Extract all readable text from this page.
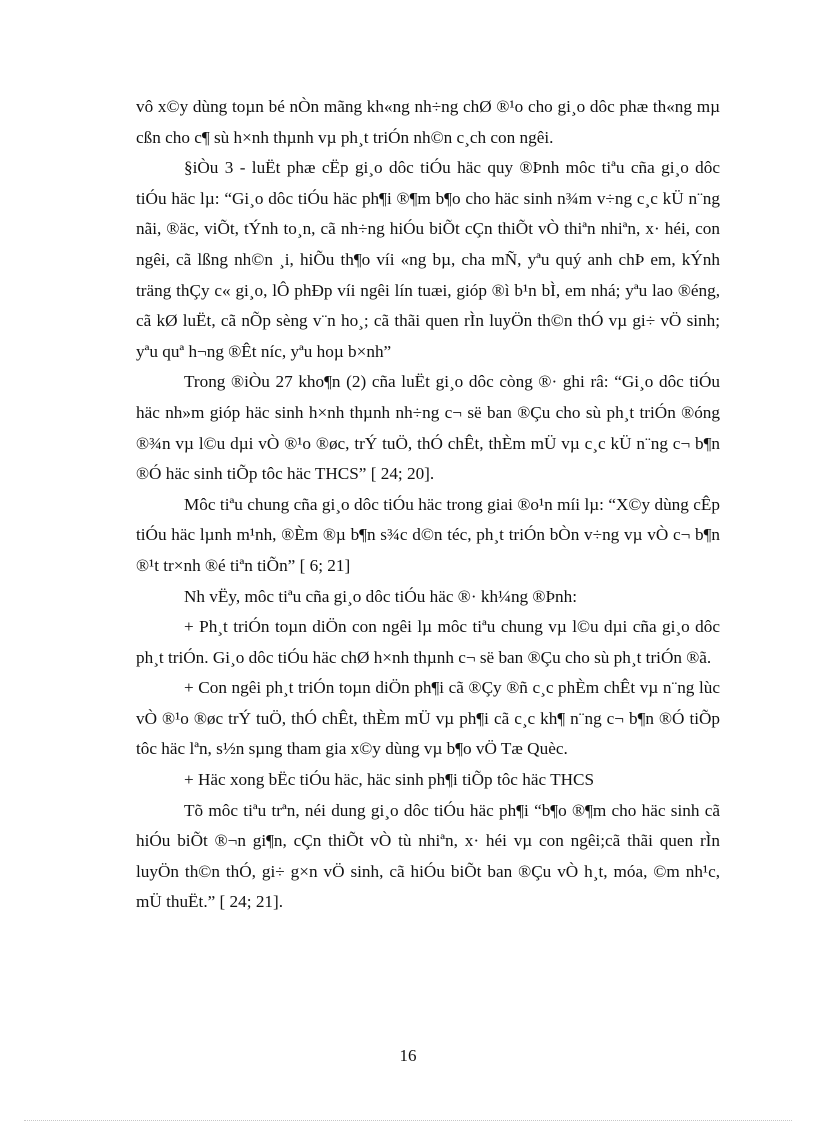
vô x©y dùng toµn bé nÒn mãng kh«ng nh÷ng chØ ®¹o cho gi¸o dôc phæ th«ng mµ cßn cho c¶ sù h×nh thµnh vµ ph¸t triÓn nh©n c¸ch con ngêi.

§iÒu 3 - luËt phæ cËp gi¸o dôc tiÓu häc quy ®Þnh môc tiªu cña gi¸o dôc tiÓu häc lµ: “Gi¸o dôc tiÓu häc ph¶i ®¶m b¶o cho häc sinh n¾m v÷ng c¸c kÜ n¨ng nãi, ®äc, viÕt, tÝnh to¸n, cã nh÷ng hiÓu biÕt cÇn thiÕt vÒ thiªn nhiªn, x· héi, con ngêi, cã lßng nh©n ¸i, hiÕu th¶o víi «ng bµ, cha mÑ, yªu quý anh chÞ em, kÝnh träng thÇy c« gi¸o, lÔ phÐp víi ngêi lín tuæi, gióp ®ì b¹n bÌ, em nhá; yªu lao ®éng, cã kØ luËt, cã nÕp sèng v¨n ho¸; cã thãi quen rÌn luyÖn th©n thÓ vµ gi÷ vÖ sinh; yªu quª h¬ng ®Êt níc, yªu hoµ b×nh”

Trong ®iÒu 27 kho¶n (2) cña luËt gi¸o dôc còng ®· ghi râ: “Gi¸o dôc tiÓu häc nh»m gióp häc sinh h×nh thµnh nh÷ng c¬ së ban ®Çu cho sù ph¸t triÓn ®óng ®¾n vµ l©u dµi vÒ ®¹o ®øc, trÝ tuÖ, thÓ chÊt, thÈm mÜ vµ c¸c kÜ n¨ng c¬ b¶n ®Ó häc sinh tiÕp tôc häc THCS” [ 24; 20].

Môc tiªu chung cña gi¸o dôc tiÓu häc trong giai ®o¹n míi lµ: “X©y dùng cÊp tiÓu häc lµnh m¹nh, ®Èm ®µ b¶n s¾c d©n téc, ph¸t triÓn bÒn v÷ng vµ vÒ c¬ b¶n ®¹t tr×nh ®é tiªn tiÕn” [ 6; 21]

Nh vËy, môc tiªu cña gi¸o dôc tiÓu häc ®· kh¼ng ®Þnh:

+ Ph¸t triÓn toµn diÖn con ngêi lµ môc tiªu chung vµ l©u dµi cña gi¸o dôc ph¸t triÓn. Gi¸o dôc tiÓu häc chØ h×nh thµnh c¬ së ban ®Çu cho sù ph¸t triÓn ®ã.

+ Con ngêi ph¸t triÓn toµn diÖn ph¶i cã ®Çy ®ñ c¸c phÈm chÊt vµ n¨ng lùc vÒ ®¹o ®øc trÝ tuÖ, thÓ chÊt, thÈm mÜ vµ ph¶i cã c¸c kh¶ n¨ng c¬ b¶n ®Ó tiÕp tôc häc lªn, s½n sµng tham gia x©y dùng vµ b¶o vÖ Tæ Quèc.

+ Häc xong bËc tiÓu häc, häc sinh ph¶i tiÕp tôc häc THCS

Tõ môc tiªu trªn, néi dung gi¸o dôc tiÓu häc ph¶i “b¶o ®¶m cho häc sinh cã hiÓu biÕt ®¬n gi¶n, cÇn thiÕt vÒ tù nhiªn, x· héi vµ con ngêi;cã thãi quen rÌn luyÖn th©n thÓ, gi÷ g×n vÖ sinh, cã hiÓu biÕt ban ®Çu vÒ h¸t, móa, ©m nh¹c, mÜ thuËt.” [ 24; 21].

16
